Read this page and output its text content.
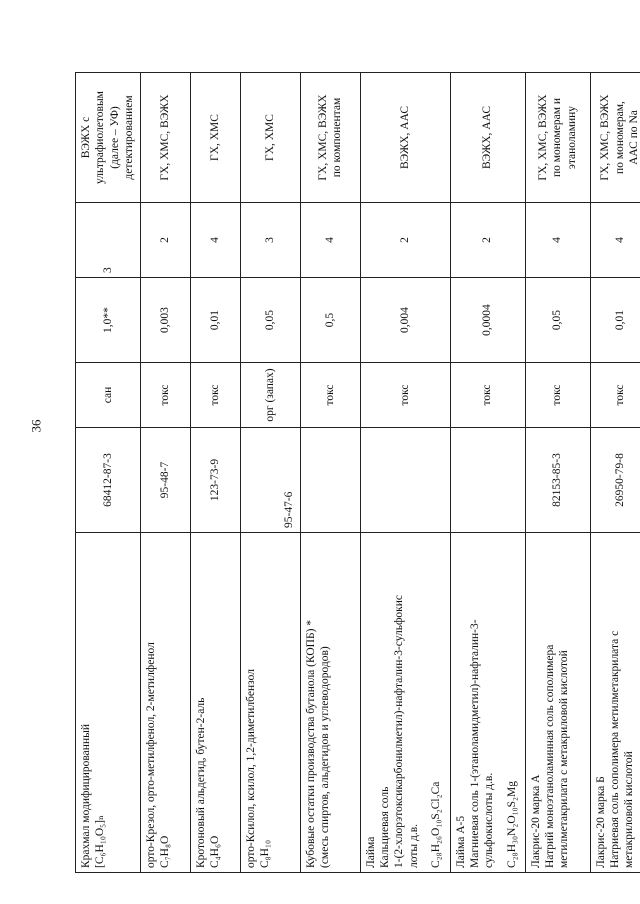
36
Крахмал модифицированный [C₆H₁₀O₅]ₙ	68412-87-3	сан	1,0**	3	ВЭЖХ с ультрафиолетовым (далее – УФ) детектированием

орто-Крезол, орто-метилфенол, 2-метилфенол C₇H₈O	95-48-7	токс	0,003	2	ГХ, ХМС, ВЭЖХ

Кротоновый альдегид, бутен-2-аль C₄H₆O	123-73-9	токс	0,01	4	ГХ, ХМС

орто-Ксилол, ксилол, 1,2-диметилбензол C₈H₁₀	95-47-6	орг (запах)	0,05	3	ГХ, ХМС

Кубовые остатки производства бутанола (КОПБ) * (смесь спиртов, альдегидов и углеводородов)		токс	0,5	4	ГХ, ХМС, ВЭЖХ по компонентам

Лайма Кальциевая соль 1-(2-хлорэтоксикарбонилметил)-нафталин-3-сульфокис лоты д.в. C₂₈H₂₆O₁₀S₂Cl₂Ca		токс	0,004	2	ВЭЖХ, ААС

Лайма А-5 Магниевая соль 1-(этаноламидметил)-нафталин-3- сульфокислоты д.в. C₂₈H₃₀N₂O₁₀S₂Mg		токс	0,0004	2	ВЭЖХ, ААС

Лакрис-20 марка А Натрий моноэтаноламинная соль сополимера метилметакрилата с метакриловой кислотой	82153-85-3	токс	0,05	4	ГХ, ХМС, ВЭЖХ по мономерам и этаноламину

Лакрис-20 марка Б Натриевая соль сополимера метилметакрилата с метакриловой кислотой	26950-79-8	токс	0,01	4	ГХ, ХМС, ВЭЖХ по мономерам, ААС по Na
